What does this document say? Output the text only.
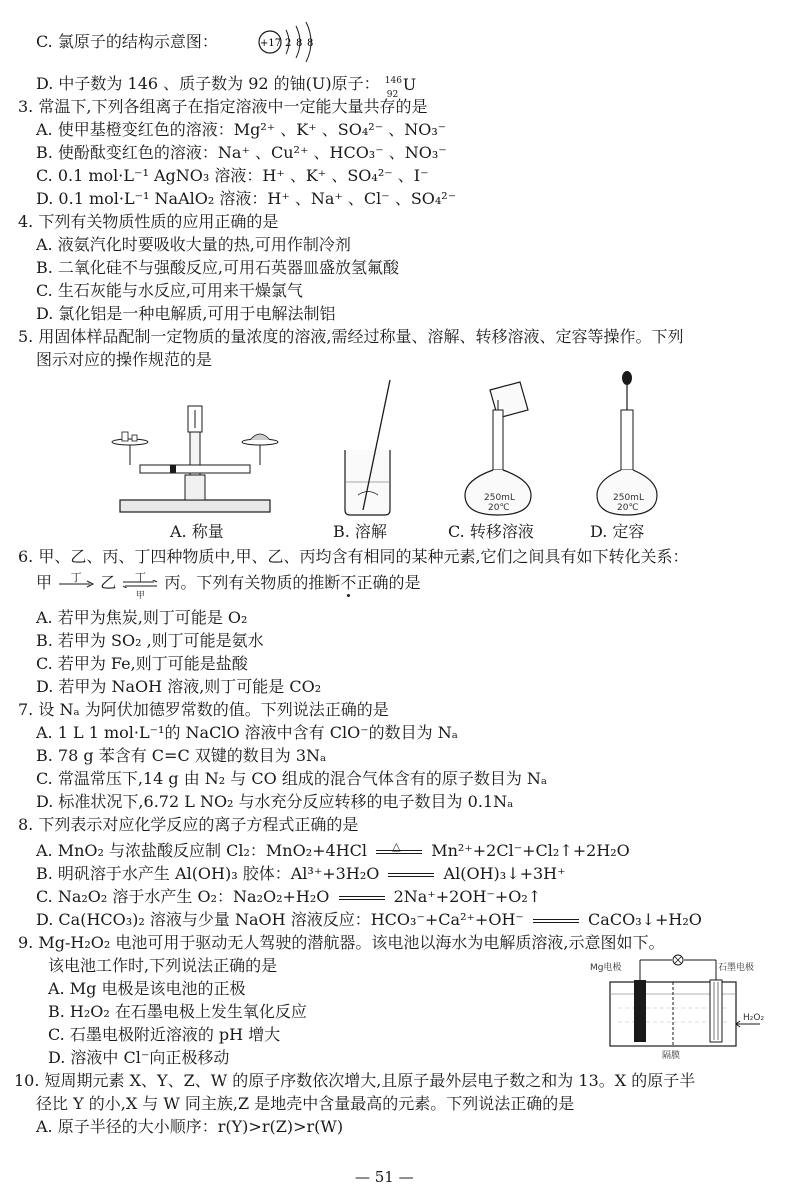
C. 氯原子的结构示意图：	+17 2 8 8
D. 中子数为 146 、质子数为 92 的铀(U)原子： 146
92
U
3. 常温下,下列各组离子在指定溶液中一定能大量共存的是
A. 使甲基橙变红色的溶液：Mg²⁺ 、K⁺ 、SO₄²⁻ 、NO₃⁻
B. 使酚酞变红色的溶液：Na⁺ 、Cu²⁺ 、HCO₃⁻ 、NO₃⁻
C. 0.1 mol·L⁻¹ AgNO₃ 溶液：H⁺ 、K⁺ 、SO₄²⁻ 、I⁻
D. 0.1 mol·L⁻¹ NaAlO₂ 溶液：H⁺ 、Na⁺ 、Cl⁻ 、SO₄²⁻
4. 下列有关物质性质的应用正确的是
A. 液氨汽化时要吸收大量的热,可用作制冷剂
B. 二氧化硅不与强酸反应,可用石英器皿盛放氢氟酸
C. 生石灰能与水反应,可用来干燥氯气
D. 氯化铝是一种电解质,可用于电解法制铝
5. 用固体样品配制一定物质的量浓度的溶液,需经过称量、溶解、转移溶液、定容等操作。下列
图示对应的操作规范的是
250mL
20℃
250mL
20℃
A. 称量	B. 溶解	C. 转移溶液	D. 定容
6. 甲、乙、丙、丁四种物质中,甲、乙、丙均含有相同的某种元素,它们之间具有如下转化关系：
甲	丁	乙	丁
甲
丙。下列有关物质的推断不正确的是
A. 若甲为焦炭,则丁可能是 O₂
B. 若甲为 SO₂ ,则丁可能是氨水
C. 若甲为 Fe,则丁可能是盐酸
D. 若甲为 NaOH 溶液,则丁可能是 CO₂
7. 设 Nₐ 为阿伏加德罗常数的值。下列说法正确的是
A. 1 L 1 mol·L⁻¹的 NaClO 溶液中含有 ClO⁻的数目为 Nₐ
B. 78 g 苯含有 C=C 双键的数目为 3Nₐ
C. 常温常压下,14 g 由 N₂ 与 CO 组成的混合气体含有的原子数目为 Nₐ
D. 标准状况下,6.72 L NO₂ 与水充分反应转移的电子数目为 0.1Nₐ
8. 下列表示对应化学反应的离子方程式正确的是
A. MnO₂ 与浓盐酸反应制 Cl₂：MnO₂+4HCl △ Mn²⁺+2Cl⁻+Cl₂↑+2H₂O
B. 明矾溶于水产生 Al(OH)₃ 胶体：Al³⁺+3H₂O	Al(OH)₃↓+3H⁺
C. Na₂O₂ 溶于水产生 O₂：Na₂O₂+H₂O	2Na⁺+2OH⁻+O₂↑
D. Ca(HCO₃)₂ 溶液与少量 NaOH 溶液反应：HCO₃⁻+Ca²⁺+OH⁻	CaCO₃↓+H₂O
9. Mg-H₂O₂ 电池可用于驱动无人驾驶的潜航器。该电池以海水为电解质溶液,示意图如下。
该电池工作时,下列说法正确的是
A. Mg 电极是该电池的正极
B. H₂O₂ 在石墨电极上发生氧化反应
C. 石墨电极附近溶液的 pH 增大
D. 溶液中 Cl⁻向正极移动
Mg电极	石墨电极
H₂O₂
隔膜
10. 短周期元素 X、Y、Z、W 的原子序数依次增大,且原子最外层电子数之和为 13。X 的原子半
径比 Y 的小,X 与 W 同主族,Z 是地壳中含量最高的元素。下列说法正确的是
A. 原子半径的大小顺序：r(Y)>r(Z)>r(W)
— 51 —
